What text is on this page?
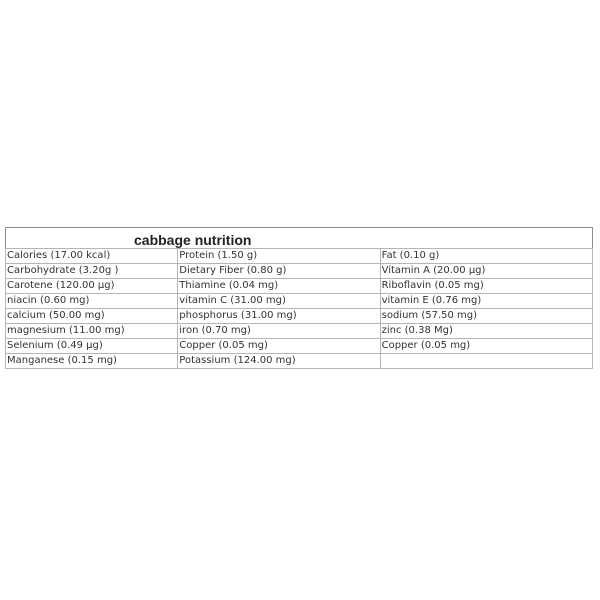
cabbage nutrition		
Calories (17.00 kcal)	Protein (1.50 g)	Fat (0.10 g)
Carbohydrate (3.20g )	Dietary Fiber (0.80 g)	Vitamin A (20.00 µg)
Carotene (120.00 µg)	Thiamine (0.04 mg)	Riboflavin (0.05 mg)
niacin (0.60 mg)	vitamin C (31.00 mg)	vitamin E (0.76 mg)
calcium (50.00 mg)	phosphorus (31.00 mg)	sodium (57.50 mg)
magnesium (11.00 mg)	iron (0.70 mg)	zinc (0.38 Mg)
Selenium (0.49 µg)	Copper (0.05 mg)	Copper (0.05 mg)
Manganese (0.15 mg)	Potassium (124.00 mg)	
